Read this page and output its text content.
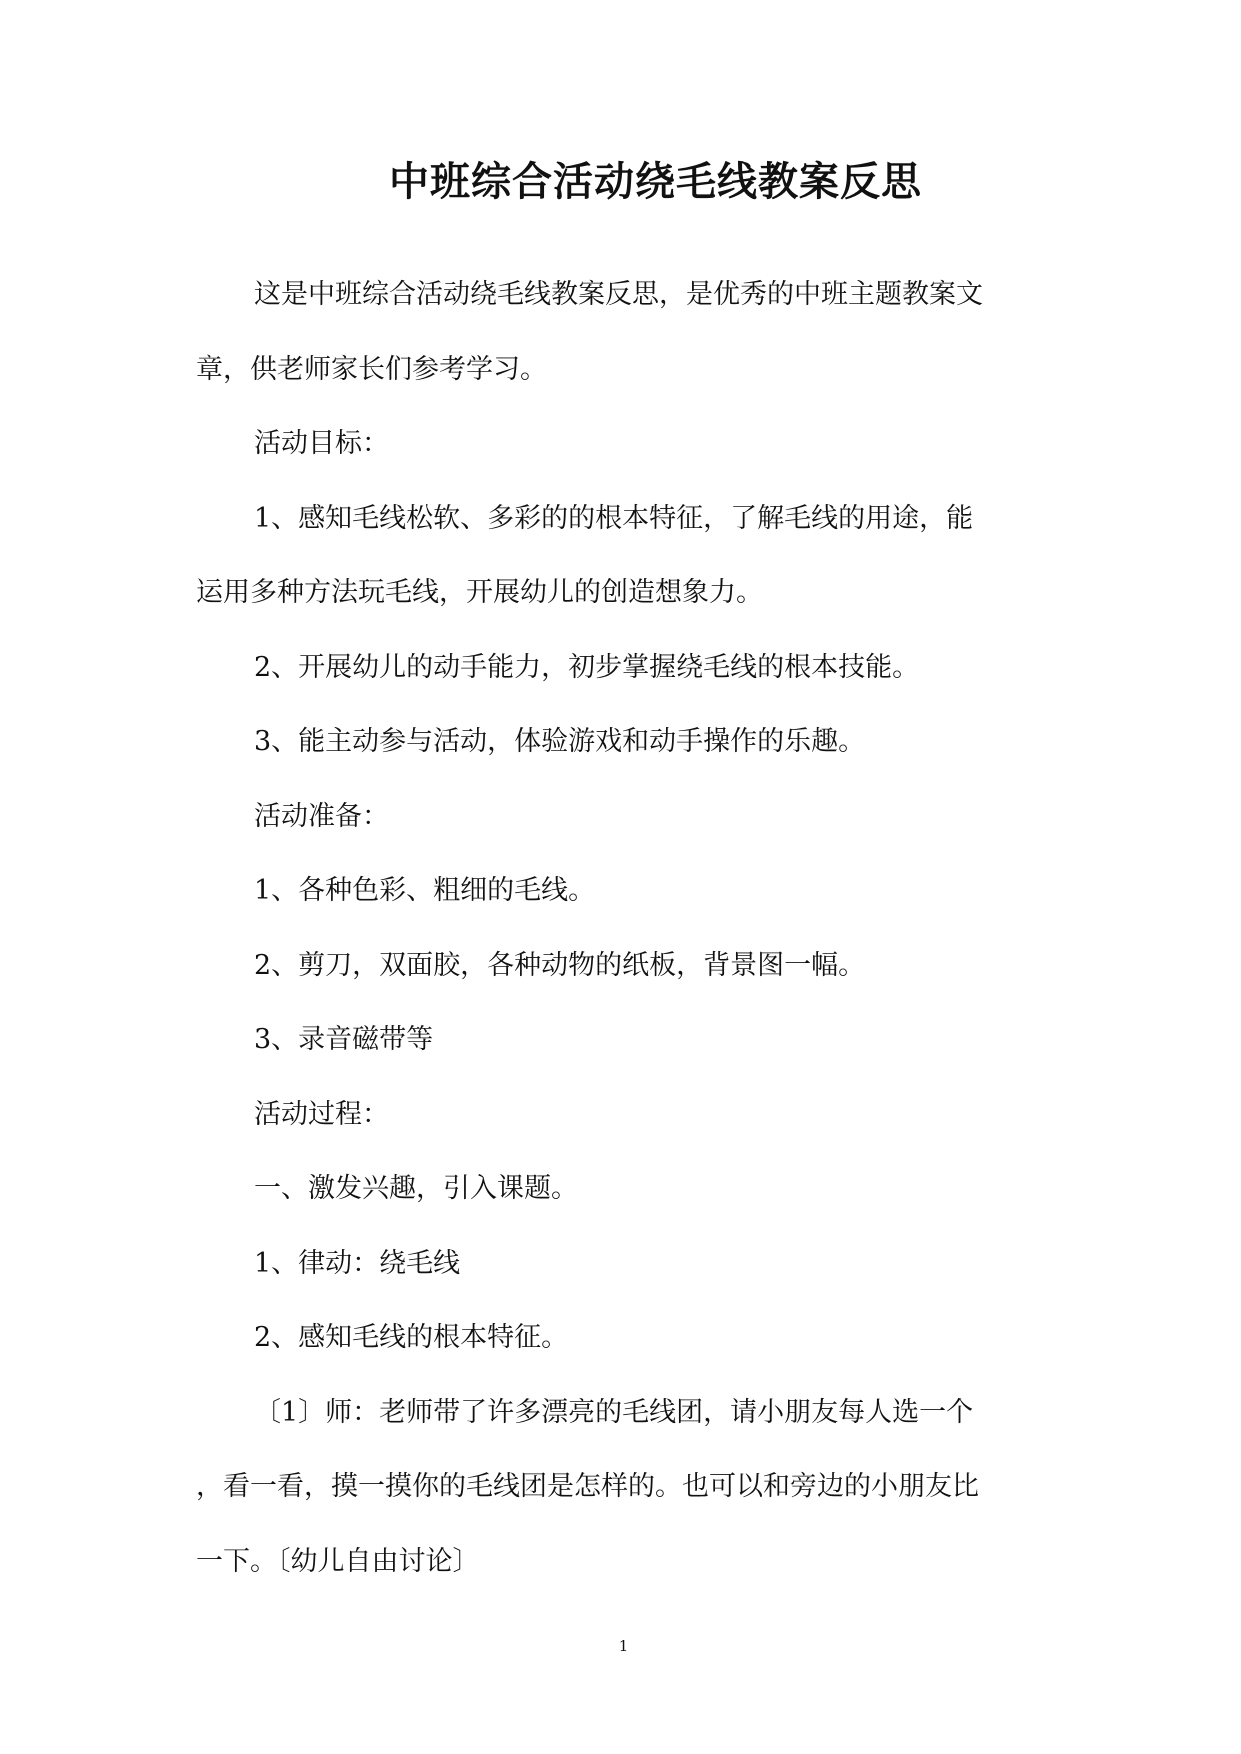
中班综合活动绕毛线教案反思

这是中班综合活动绕毛线教案反思，是优秀的中班主题教案文

章，供老师家长们参考学习。

活动目标：

1、感知毛线松软、多彩的的根本特征，了解毛线的用途，能

运用多种方法玩毛线，开展幼儿的创造想象力。

2、开展幼儿的动手能力，初步掌握绕毛线的根本技能。

3、能主动参与活动，体验游戏和动手操作的乐趣。

活动准备：

1、各种色彩、粗细的毛线。

2、剪刀，双面胶，各种动物的纸板，背景图一幅。

3、录音磁带等

活动过程：

一、激发兴趣，引入课题。

1、律动：绕毛线

2、感知毛线的根本特征。

〔1〕师：老师带了许多漂亮的毛线团，请小朋友每人选一个

，看一看，摸一摸你的毛线团是怎样的。也可以和旁边的小朋友比

一下。〔幼儿自由讨论〕

1
